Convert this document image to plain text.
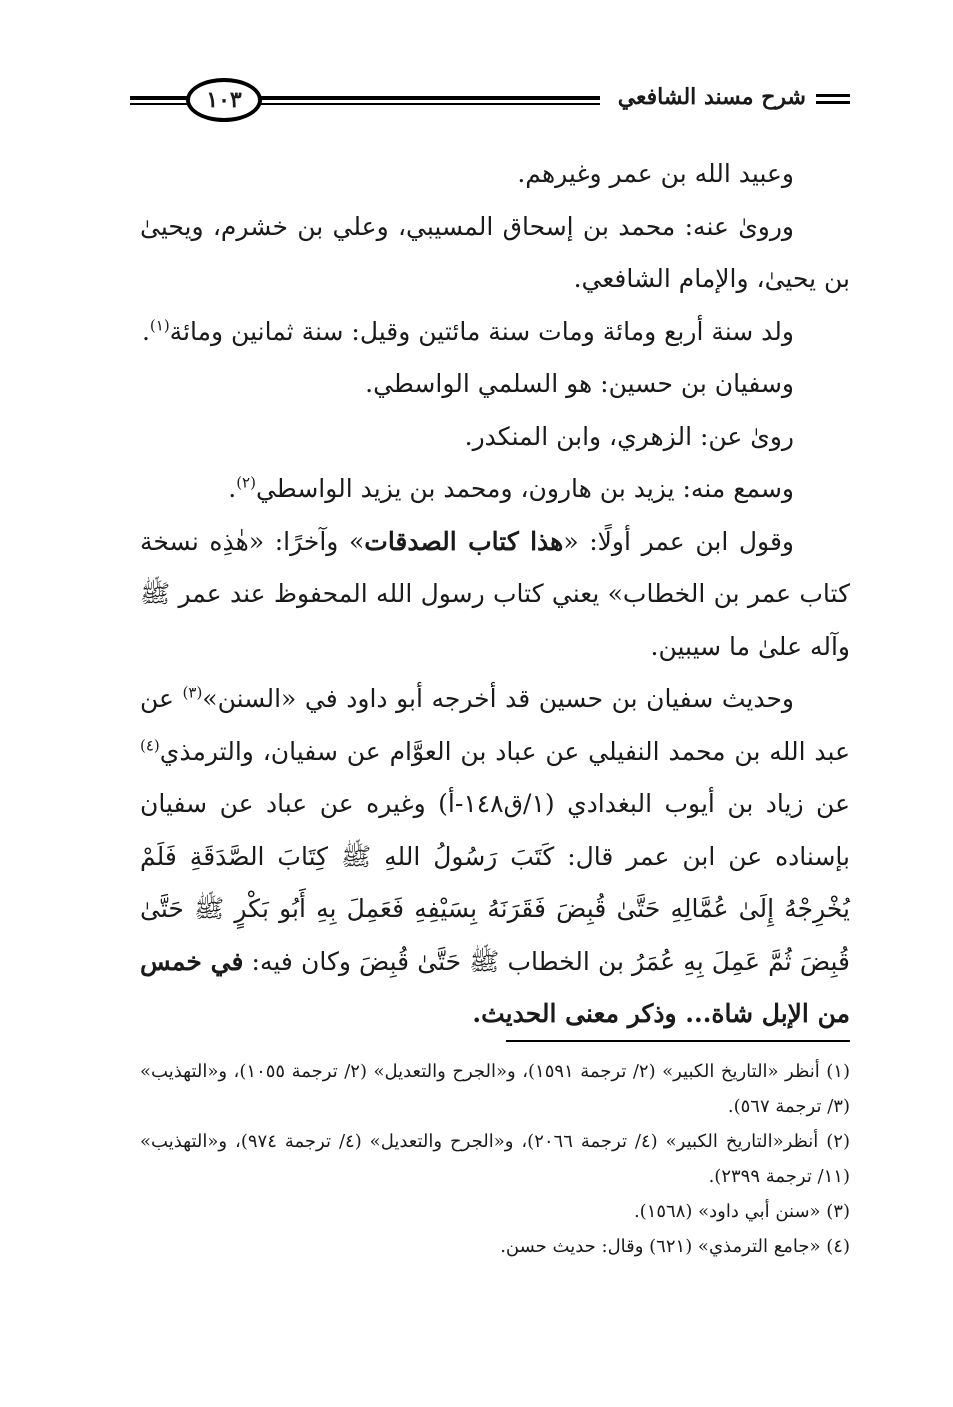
١٠٣	شرح مسند الشافعي

وعبيد الله بن عمر وغيرهم.

وروىٰ عنه: محمد بن إسحاق المسيبي، وعلي بن خشرم، ويحيىٰ بن يحيىٰ، والإمام الشافعي.

ولد سنة أربع ومائة ومات سنة مائتين وقيل: سنة ثمانين ومائة$^{(١)}$.

وسفيان بن حسين: هو السلمي الواسطي.

روىٰ عن: الزهري، وابن المنكدر.

وسمع منه: يزيد بن هارون، ومحمد بن يزيد الواسطي$^{(٢)}$.

وقول ابن عمر أولًا: «هذا كتاب الصدقات» وآخرًا: «هٰذِه نسخة كتاب عمر بن الخطاب» يعني كتاب رسول الله المحفوظ عند عمر ﷺ وآله علىٰ ما سيبين.

وحديث سفيان بن حسين قد أخرجه أبو داود في «السنن»$^{(٣)}$ عن عبد الله بن محمد النفيلي عن عباد بن العوَّام عن سفيان، والترمذي$^{(٤)}$ عن زياد بن أيوب البغدادي (١/ق١٤٨-أ) وغيره عن عباد عن سفيان بإسناده عن ابن عمر قال: كَتَبَ رَسُولُ اللهِ ﷺ كِتَابَ الصَّدَقَةِ فَلَمْ يُخْرِجْهُ إِلَىٰ عُمَّالِهِ حَتَّىٰ قُبِضَ فَقَرَنَهُ بِسَيْفِهِ فَعَمِلَ بِهِ أَبُو بَكْرٍ ﷺ حَتَّىٰ قُبِضَ ثُمَّ عَمِلَ بِهِ عُمَرُ بن الخطاب ﷺ حَتَّىٰ قُبِضَ وكان فيه: في خمس من الإبل شاة... وذكر معنى الحديث.

(١) أنظر «التاريخ الكبير» (٢/ ترجمة ١٥٩١)، و«الجرح والتعديل» (٢/ ترجمة ١٠٥٥)، و«التهذيب» (٣/ ترجمة ٥٦٧).

(٢) أنظر«التاريخ الكبير» (٤/ ترجمة ٢٠٦٦)، و«الجرح والتعديل» (٤/ ترجمة ٩٧٤)، و«التهذيب» (١١/ ترجمة ٢٣٩٩).

(٣) «سنن أبي داود» (١٥٦٨).

(٤) «جامع الترمذي» (٦٢١) وقال: حديث حسن.
